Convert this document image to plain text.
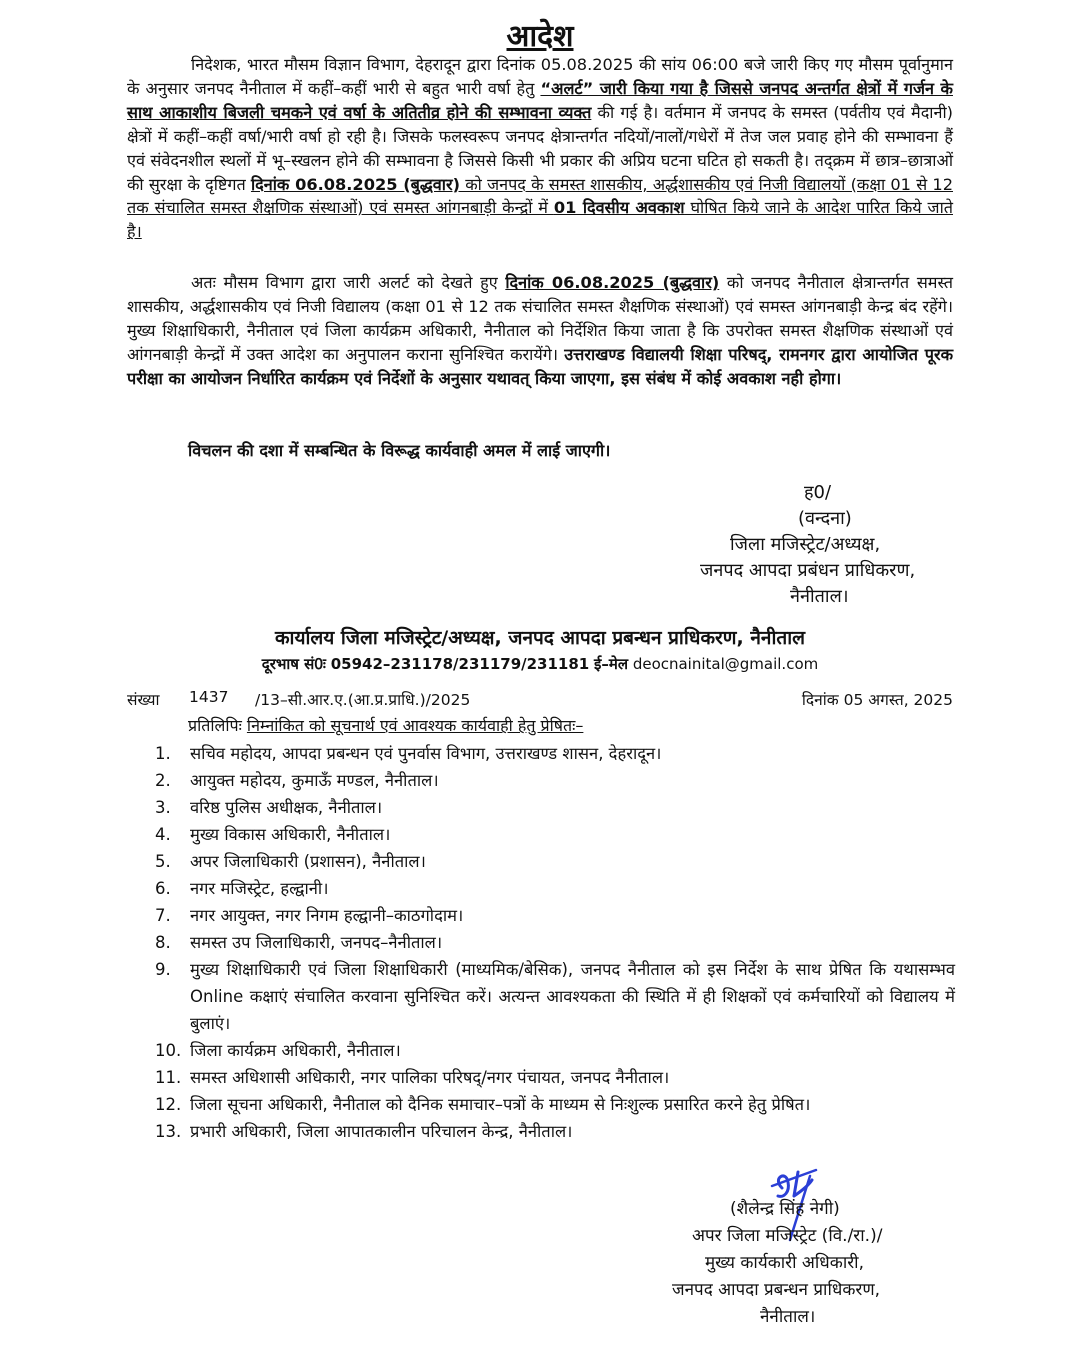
आदेश
निदेशक, भारत मौसम विज्ञान विभाग, देहरादून द्वारा दिनांक 05.08.2025 की सांय 06:00 बजे जारी किए गए मौसम पूर्वानुमान के अनुसार जनपद नैनीताल में कहीं–कहीं भारी से बहुत भारी वर्षा हेतु “अलर्ट” जारी किया गया है जिससे जनपद अन्तर्गत क्षेत्रों में गर्जन के साथ आकाशीय बिजली चमकने एवं वर्षा के अतितीव्र होने की सम्भावना व्यक्त की गई है। वर्तमान में जनपद के समस्त (पर्वतीय एवं मैदानी) क्षेत्रों में कहीं–कहीं वर्षा/भारी वर्षा हो रही है। जिसके फलस्वरूप जनपद क्षेत्रान्तर्गत नदियों/नालों/गधेरों में तेज जल प्रवाह होने की सम्भावना हैं एवं संवेदनशील स्थलों में भू–स्खलन होने की सम्भावना है जिससे किसी भी प्रकार की अप्रिय घटना घटित हो सकती है। तद्क्रम में छात्र–छात्राओं की सुरक्षा के दृष्टिगत दिनांक 06.08.2025 (बुद्धवार) को जनपद के समस्त शासकीय, अर्द्धशासकीय एवं निजी विद्यालयों (कक्षा 01 से 12 तक संचालित समस्त शैक्षणिक संस्थाओं) एवं समस्त आंगनबाड़ी केन्द्रों में 01 दिवसीय अवकाश घोषित किये जाने के आदेश पारित किये जाते है।
अतः मौसम विभाग द्वारा जारी अलर्ट को देखते हुए दिनांक 06.08.2025 (बुद्धवार) को जनपद नैनीताल क्षेत्रान्तर्गत समस्त शासकीय, अर्द्धशासकीय एवं निजी विद्यालय (कक्षा 01 से 12 तक संचालित समस्त शैक्षणिक संस्थाओं) एवं समस्त आंगनबाड़ी केन्द्र बंद रहेंगे। मुख्य शिक्षाधिकारी, नैनीताल एवं जिला कार्यक्रम अधिकारी, नैनीताल को निर्देशित किया जाता है कि उपरोक्त समस्त शैक्षणिक संस्थाओं एवं आंगनबाड़ी केन्द्रों में उक्त आदेश का अनुपालन कराना सुनिश्चित करायेंगे। उत्तराखण्ड विद्यालयी शिक्षा परिषद्, रामनगर द्वारा आयोजित पूरक परीक्षा का आयोजन निर्धारित कार्यक्रम एवं निर्देशों के अनुसार यथावत् किया जाएगा, इस संबंध में कोई अवकाश नही होगा।
विचलन की दशा में सम्बन्धित के विरूद्ध कार्यवाही अमल में लाई जाएगी।
ह0/
(वन्दना)
जिला मजिस्ट्रेट/अध्यक्ष,
जनपद आपदा प्रबंधन प्राधिकरण,
नैनीताल।
कार्यालय जिला मजिस्ट्रेट/अध्यक्ष, जनपद आपदा प्रबन्धन प्राधिकरण, नैनीताल
दूरभाष सं0ः 05942–231178/231179/231181 ई–मेल deocnainital@gmail.com
संख्या 1437 /13–सी.आर.ए.(आ.प्र.प्राधि.)/2025	दिनांक 05 अगस्त, 2025
प्रतिलिपिः निम्नांकित को सूचनार्थ एवं आवश्यक कार्यवाही हेतु प्रेषितः–
1.	सचिव महोदय, आपदा प्रबन्धन एवं पुनर्वास विभाग, उत्तराखण्ड शासन, देहरादून।
2.	आयुक्त महोदय, कुमाऊँ मण्डल, नैनीताल।
3.	वरिष्ठ पुलिस अधीक्षक, नैनीताल।
4.	मुख्य विकास अधिकारी, नैनीताल।
5.	अपर जिलाधिकारी (प्रशासन), नैनीताल।
6.	नगर मजिस्ट्रेट, हल्द्वानी।
7.	नगर आयुक्त, नगर निगम हल्द्वानी–काठगोदाम।
8.	समस्त उप जिलाधिकारी, जनपद–नैनीताल।
9.	मुख्य शिक्षाधिकारी एवं जिला शिक्षाधिकारी (माध्यमिक/बेसिक), जनपद नैनीताल को इस निर्देश के साथ प्रेषित कि यथासम्भव Online कक्षाएं संचालित करवाना सुनिश्चित करें। अत्यन्त आवश्यकता की स्थिति में ही शिक्षकों एवं कर्मचारियों को विद्यालय में बुलाएं।
10. जिला कार्यक्रम अधिकारी, नैनीताल।
11. समस्त अधिशासी अधिकारी, नगर पालिका परिषद्/नगर पंचायत, जनपद नैनीताल।
12. जिला सूचना अधिकारी, नैनीताल को दैनिक समाचार–पत्रों के माध्यम से निःशुल्क प्रसारित करने हेतु प्रेषित।
13. प्रभारी अधिकारी, जिला आपातकालीन परिचालन केन्द्र, नैनीताल।
(शैलेन्द्र सिंह नेगी)
अपर जिला मजिस्ट्रेट (वि./रा.)/
मुख्य कार्यकारी अधिकारी,
जनपद आपदा प्रबन्धन प्राधिकरण,
नैनीताल।
